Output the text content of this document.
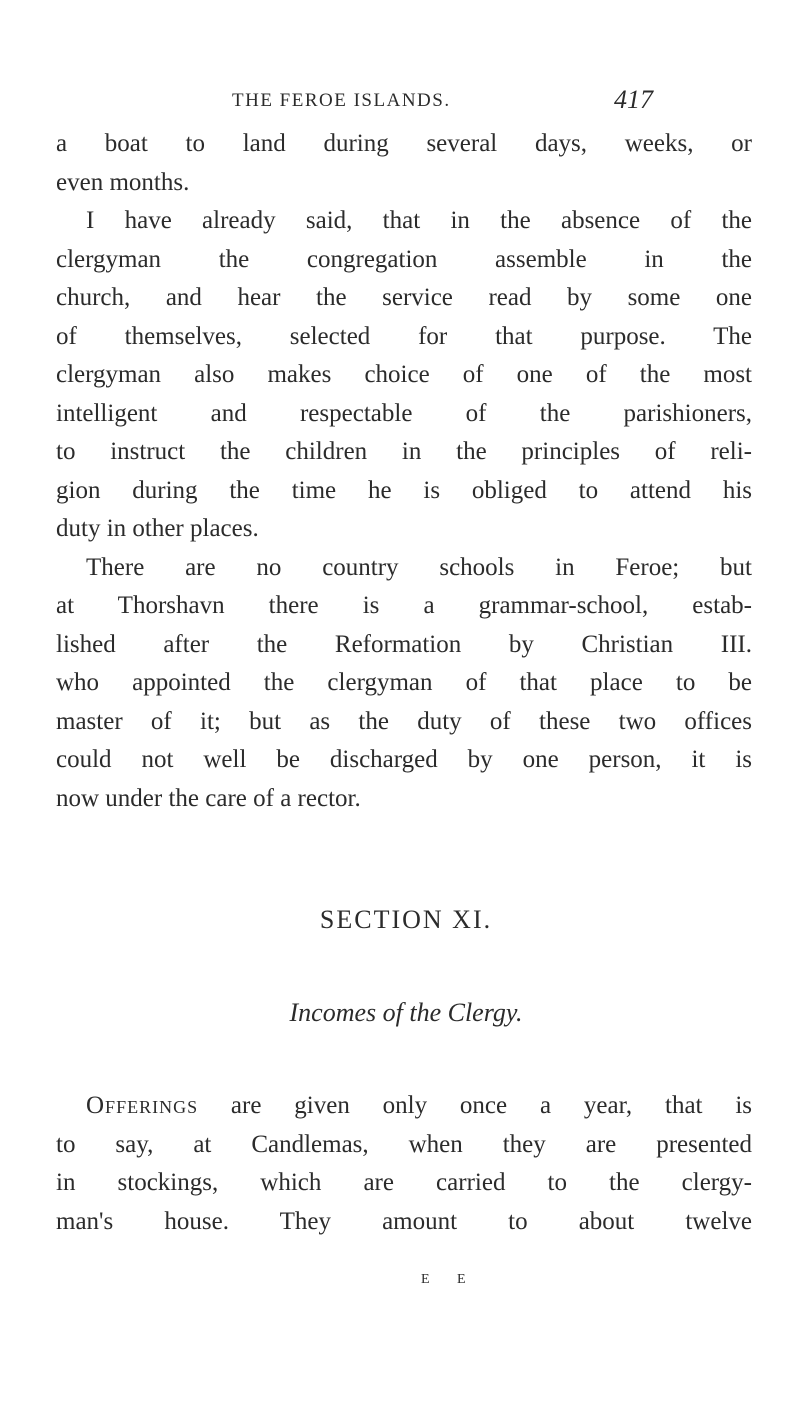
THE FEROE ISLANDS.	417
a boat to land during several days, weeks, or
even months.
I have already said, that in the absence of the
clergyman the congregation assemble in the
church, and hear the service read by some one
of themselves, selected for that purpose. The
clergyman also makes choice of one of the most
intelligent and respectable of the parishioners,
to instruct the children in the principles of reli-
gion during the time he is obliged to attend his
duty in other places.
There are no country schools in Feroe; but
at Thorshavn there is a grammar-school, estab-
lished after the Reformation by Christian III.
who appointed the clergyman of that place to be
master of it; but as the duty of these two offices
could not well be discharged by one person, it is
now under the care of a rector.
SECTION XI.
Incomes of the Clergy.
Offerings are given only once a year, that is
to say, at Candlemas, when they are presented
in stockings, which are carried to the clergy-
man's house. They amount to about twelve
E E
